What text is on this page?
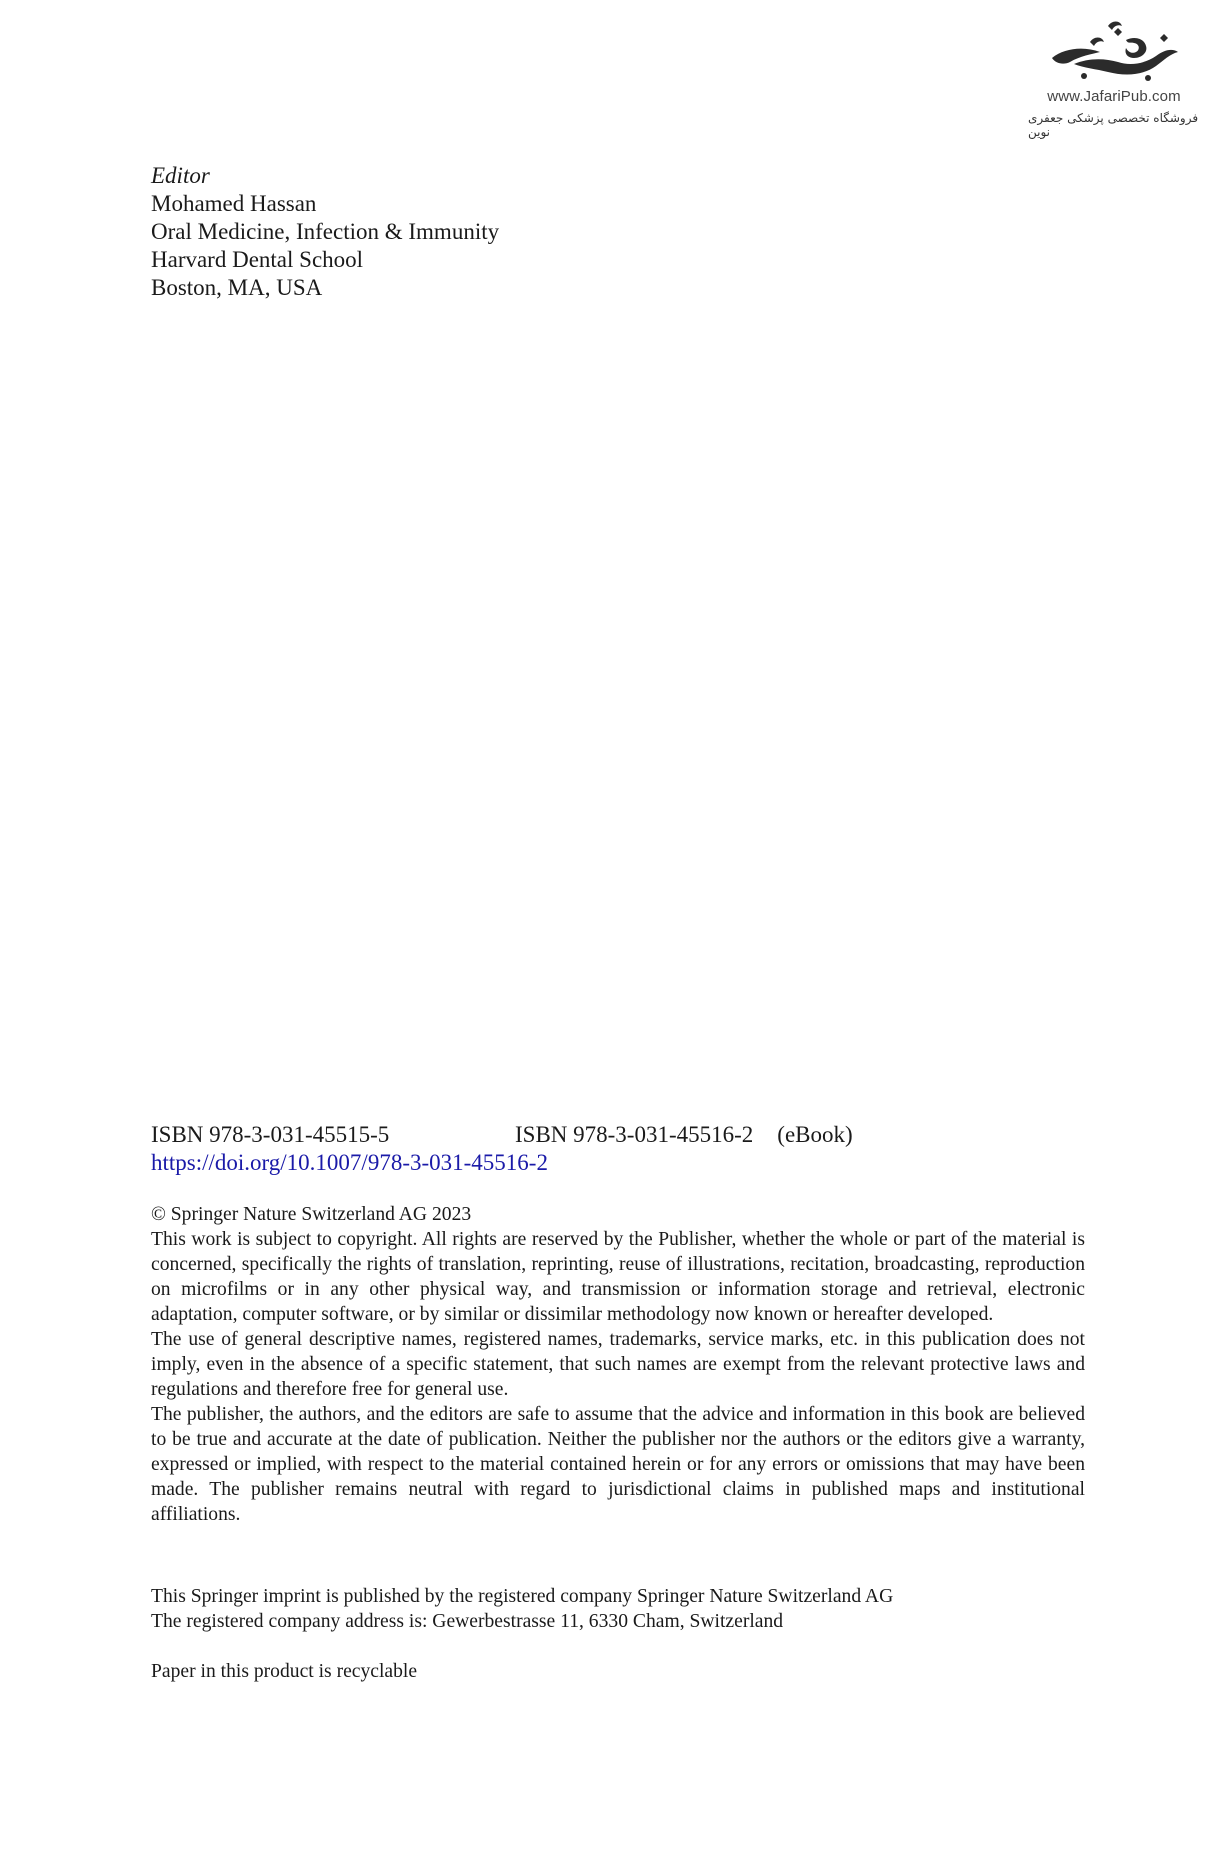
www.JafariPub.com
فروشگاه تخصصی پزشکی جعفری نوین
Editor
Mohamed Hassan
Oral Medicine, Infection & Immunity
Harvard Dental School
Boston, MA, USA
ISBN 978-3-031-45515-5	ISBN 978-3-031-45516-2 (eBook)
https://doi.org/10.1007/978-3-031-45516-2

© Springer Nature Switzerland AG 2023

This work is subject to copyright. All rights are reserved by the Publisher, whether the whole or part of the material is concerned, specifically the rights of translation, reprinting, reuse of illustrations, recitation, broadcasting, reproduction on microfilms or in any other physical way, and transmission or information storage and retrieval, electronic adaptation, computer software, or by similar or dissimilar methodology now known or hereafter developed.

The use of general descriptive names, registered names, trademarks, service marks, etc. in this publication does not imply, even in the absence of a specific statement, that such names are exempt from the relevant protective laws and regulations and therefore free for general use.

The publisher, the authors, and the editors are safe to assume that the advice and information in this book are believed to be true and accurate at the date of publication. Neither the publisher nor the authors or the editors give a warranty, expressed or implied, with respect to the material contained herein or for any errors or omissions that may have been made. The publisher remains neutral with regard to jurisdictional claims in published maps and institutional affiliations.

This Springer imprint is published by the registered company Springer Nature Switzerland AG
The registered company address is: Gewerbestrasse 11, 6330 Cham, Switzerland
Paper in this product is recyclable
